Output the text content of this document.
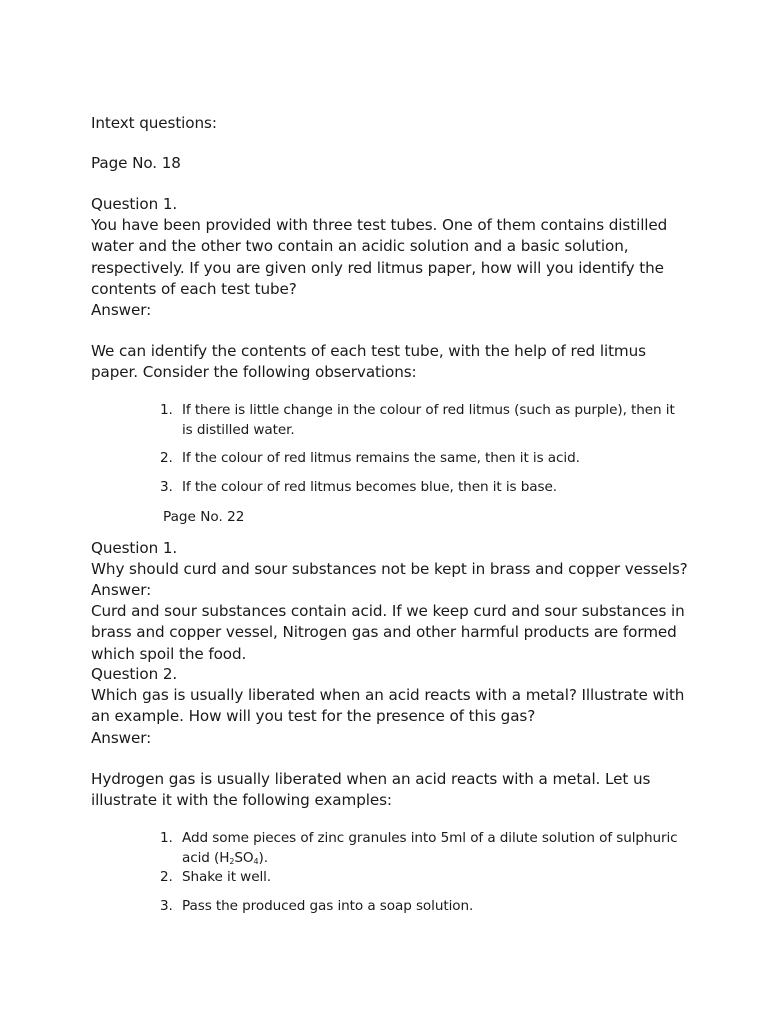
Intext questions:
Page No. 18
Question 1.
You have been provided with three test tubes. One of them contains distilled water and the other two contain an acidic solution and a basic solution, respectively. If you are given only red litmus paper, how will you identify the contents of each test tube?
Answer:
We can identify the contents of each test tube, with the help of red litmus paper. Consider the following observations:
1. If there is little change in the colour of red litmus (such as purple), then it is distilled water.
2. If the colour of red litmus remains the same, then it is acid.
3. If the colour of red litmus becomes blue, then it is base.
Page No. 22
Question 1.
Why should curd and sour substances not be kept in brass and copper vessels?
Answer:
Curd and sour substances contain acid. If we keep curd and sour substances in brass and copper vessel, Nitrogen gas and other harmful products are formed which spoil the food.
Question 2.
Which gas is usually liberated when an acid reacts with a metal? Illustrate with an example. How will you test for the presence of this gas?
Answer:
Hydrogen gas is usually liberated when an acid reacts with a metal. Let us illustrate it with the following examples:
1. Add some pieces of zinc granules into 5ml of a dilute solution of sulphuric acid $(H_2SO_4)$.
2. Shake it well.
3. Pass the produced gas into a soap solution.
